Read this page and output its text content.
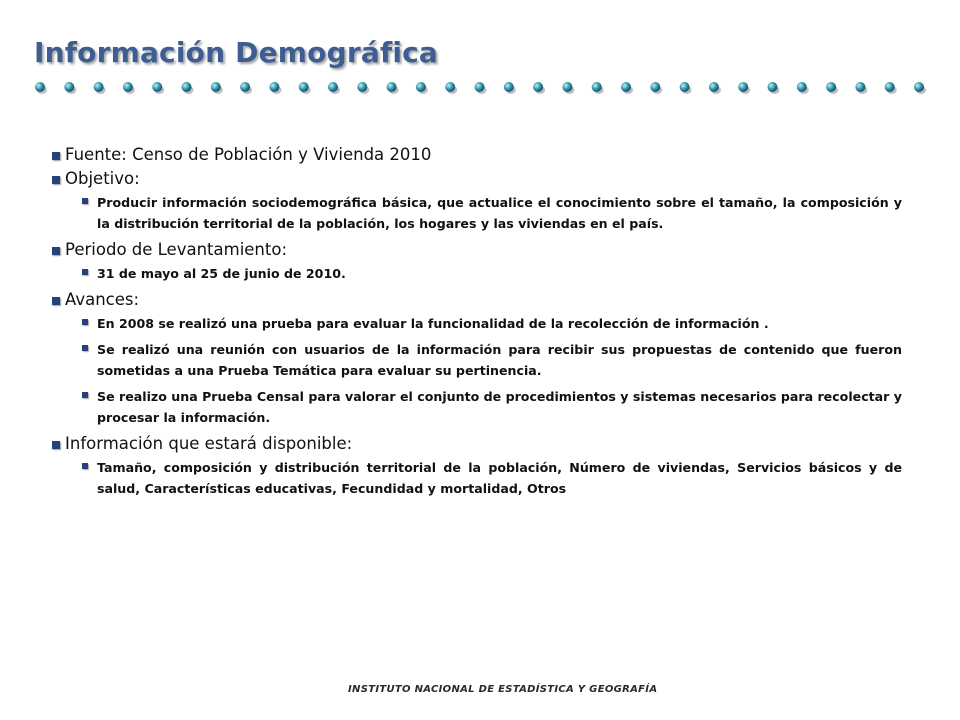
Información Demográfica
Fuente: Censo de Población y Vivienda 2010
Objetivo:
Producir información sociodemográfica básica, que actualice el conocimiento sobre el tamaño, la composición y la distribución territorial de la población, los hogares y las viviendas en el país.
Periodo de Levantamiento:
31 de mayo al 25 de junio de 2010.
Avances:
En 2008 se realizó una prueba para evaluar la funcionalidad de la recolección de información .
Se realizó una reunión con usuarios de la información para recibir sus propuestas de contenido que fueron sometidas a una Prueba Temática para evaluar su pertinencia.
Se realizo una Prueba Censal para valorar el conjunto de procedimientos y sistemas necesarios para recolectar y procesar la información.
Información que estará disponible:
Tamaño, composición y distribución territorial de la población, Número de viviendas, Servicios básicos y de salud, Características educativas, Fecundidad y mortalidad, Otros
INSTITUTO NACIONAL DE ESTADÍSTICA Y GEOGRAFÍA
